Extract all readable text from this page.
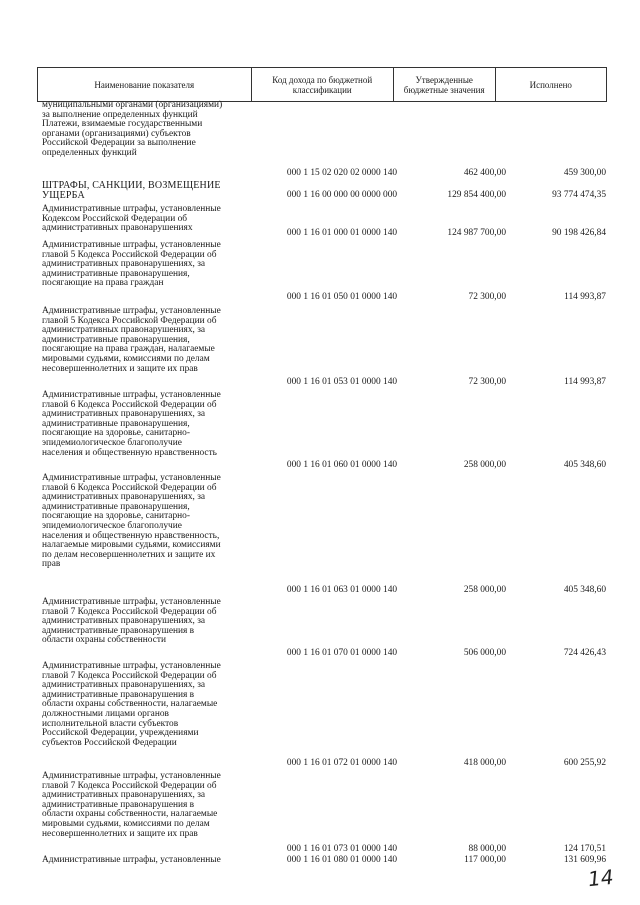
Наименование показателя	Код дохода по бюджетной классификации	Утвержденные бюджетные значения	Исполнено
муниципальными органами (организациями)
за выполнение определенных функций
Платежи, взимаемые государственными
органами (организациями) субъектов
Российской Федерации за выполнение
определенных функций
000 1 15 02 020 02 0000 140	462 400,00	459 300,00
ШТРАФЫ, САНКЦИИ, ВОЗМЕЩЕНИЕ
УЩЕРБА	000 1 16 00 000 00 0000 000	129 854 400,00	93 774 474,35
Административные штрафы, установленные
Кодексом Российской Федерации об
административных правонарушениях	000 1 16 01 000 01 0000 140	124 987 700,00	90 198 426,84
Административные штрафы, установленные
главой 5 Кодекса Российской Федерации об
административных правонарушениях, за
административные правонарушения,
посягающие на права граждан
000 1 16 01 050 01 0000 140	72 300,00	114 993,87
Административные штрафы, установленные
главой 5 Кодекса Российской Федерации об
административных правонарушениях, за
административные правонарушения,
посягающие на права граждан, налагаемые
мировыми судьями, комиссиями по делам
несовершеннолетних и защите их прав
000 1 16 01 053 01 0000 140	72 300,00	114 993,87
Административные штрафы, установленные
главой 6 Кодекса Российской Федерации об
административных правонарушениях, за
административные правонарушения,
посягающие на здоровье, санитарно-
эпидемиологическое благополучие
населения и общественную нравственность
000 1 16 01 060 01 0000 140	258 000,00	405 348,60
Административные штрафы, установленные
главой 6 Кодекса Российской Федерации об
административных правонарушениях, за
административные правонарушения,
посягающие на здоровье, санитарно-
эпидемиологическое благополучие
населения и общественную нравственность,
налагаемые мировыми судьями, комиссиями
по делам несовершеннолетних и защите их
прав
000 1 16 01 063 01 0000 140	258 000,00	405 348,60
Административные штрафы, установленные
главой 7 Кодекса Российской Федерации об
административных правонарушениях, за
административные правонарушения в
области охраны собственности
000 1 16 01 070 01 0000 140	506 000,00	724 426,43
Административные штрафы, установленные
главой 7 Кодекса Российской Федерации об
административных правонарушениях, за
административные правонарушения в
области охраны собственности, налагаемые
должностными лицами органов
исполнительной власти субъектов
Российской Федерации, учреждениями
субъектов Российской Федерации
000 1 16 01 072 01 0000 140	418 000,00	600 255,92
Административные штрафы, установленные
главой 7 Кодекса Российской Федерации об
административных правонарушениях, за
административные правонарушения в
области охраны собственности, налагаемые
мировыми судьями, комиссиями по делам
несовершеннолетних и защите их прав
000 1 16 01 073 01 0000 140	88 000,00	124 170,51
Административные штрафы, установленные	000 1 16 01 080 01 0000 140	117 000,00	131 609,96
14
